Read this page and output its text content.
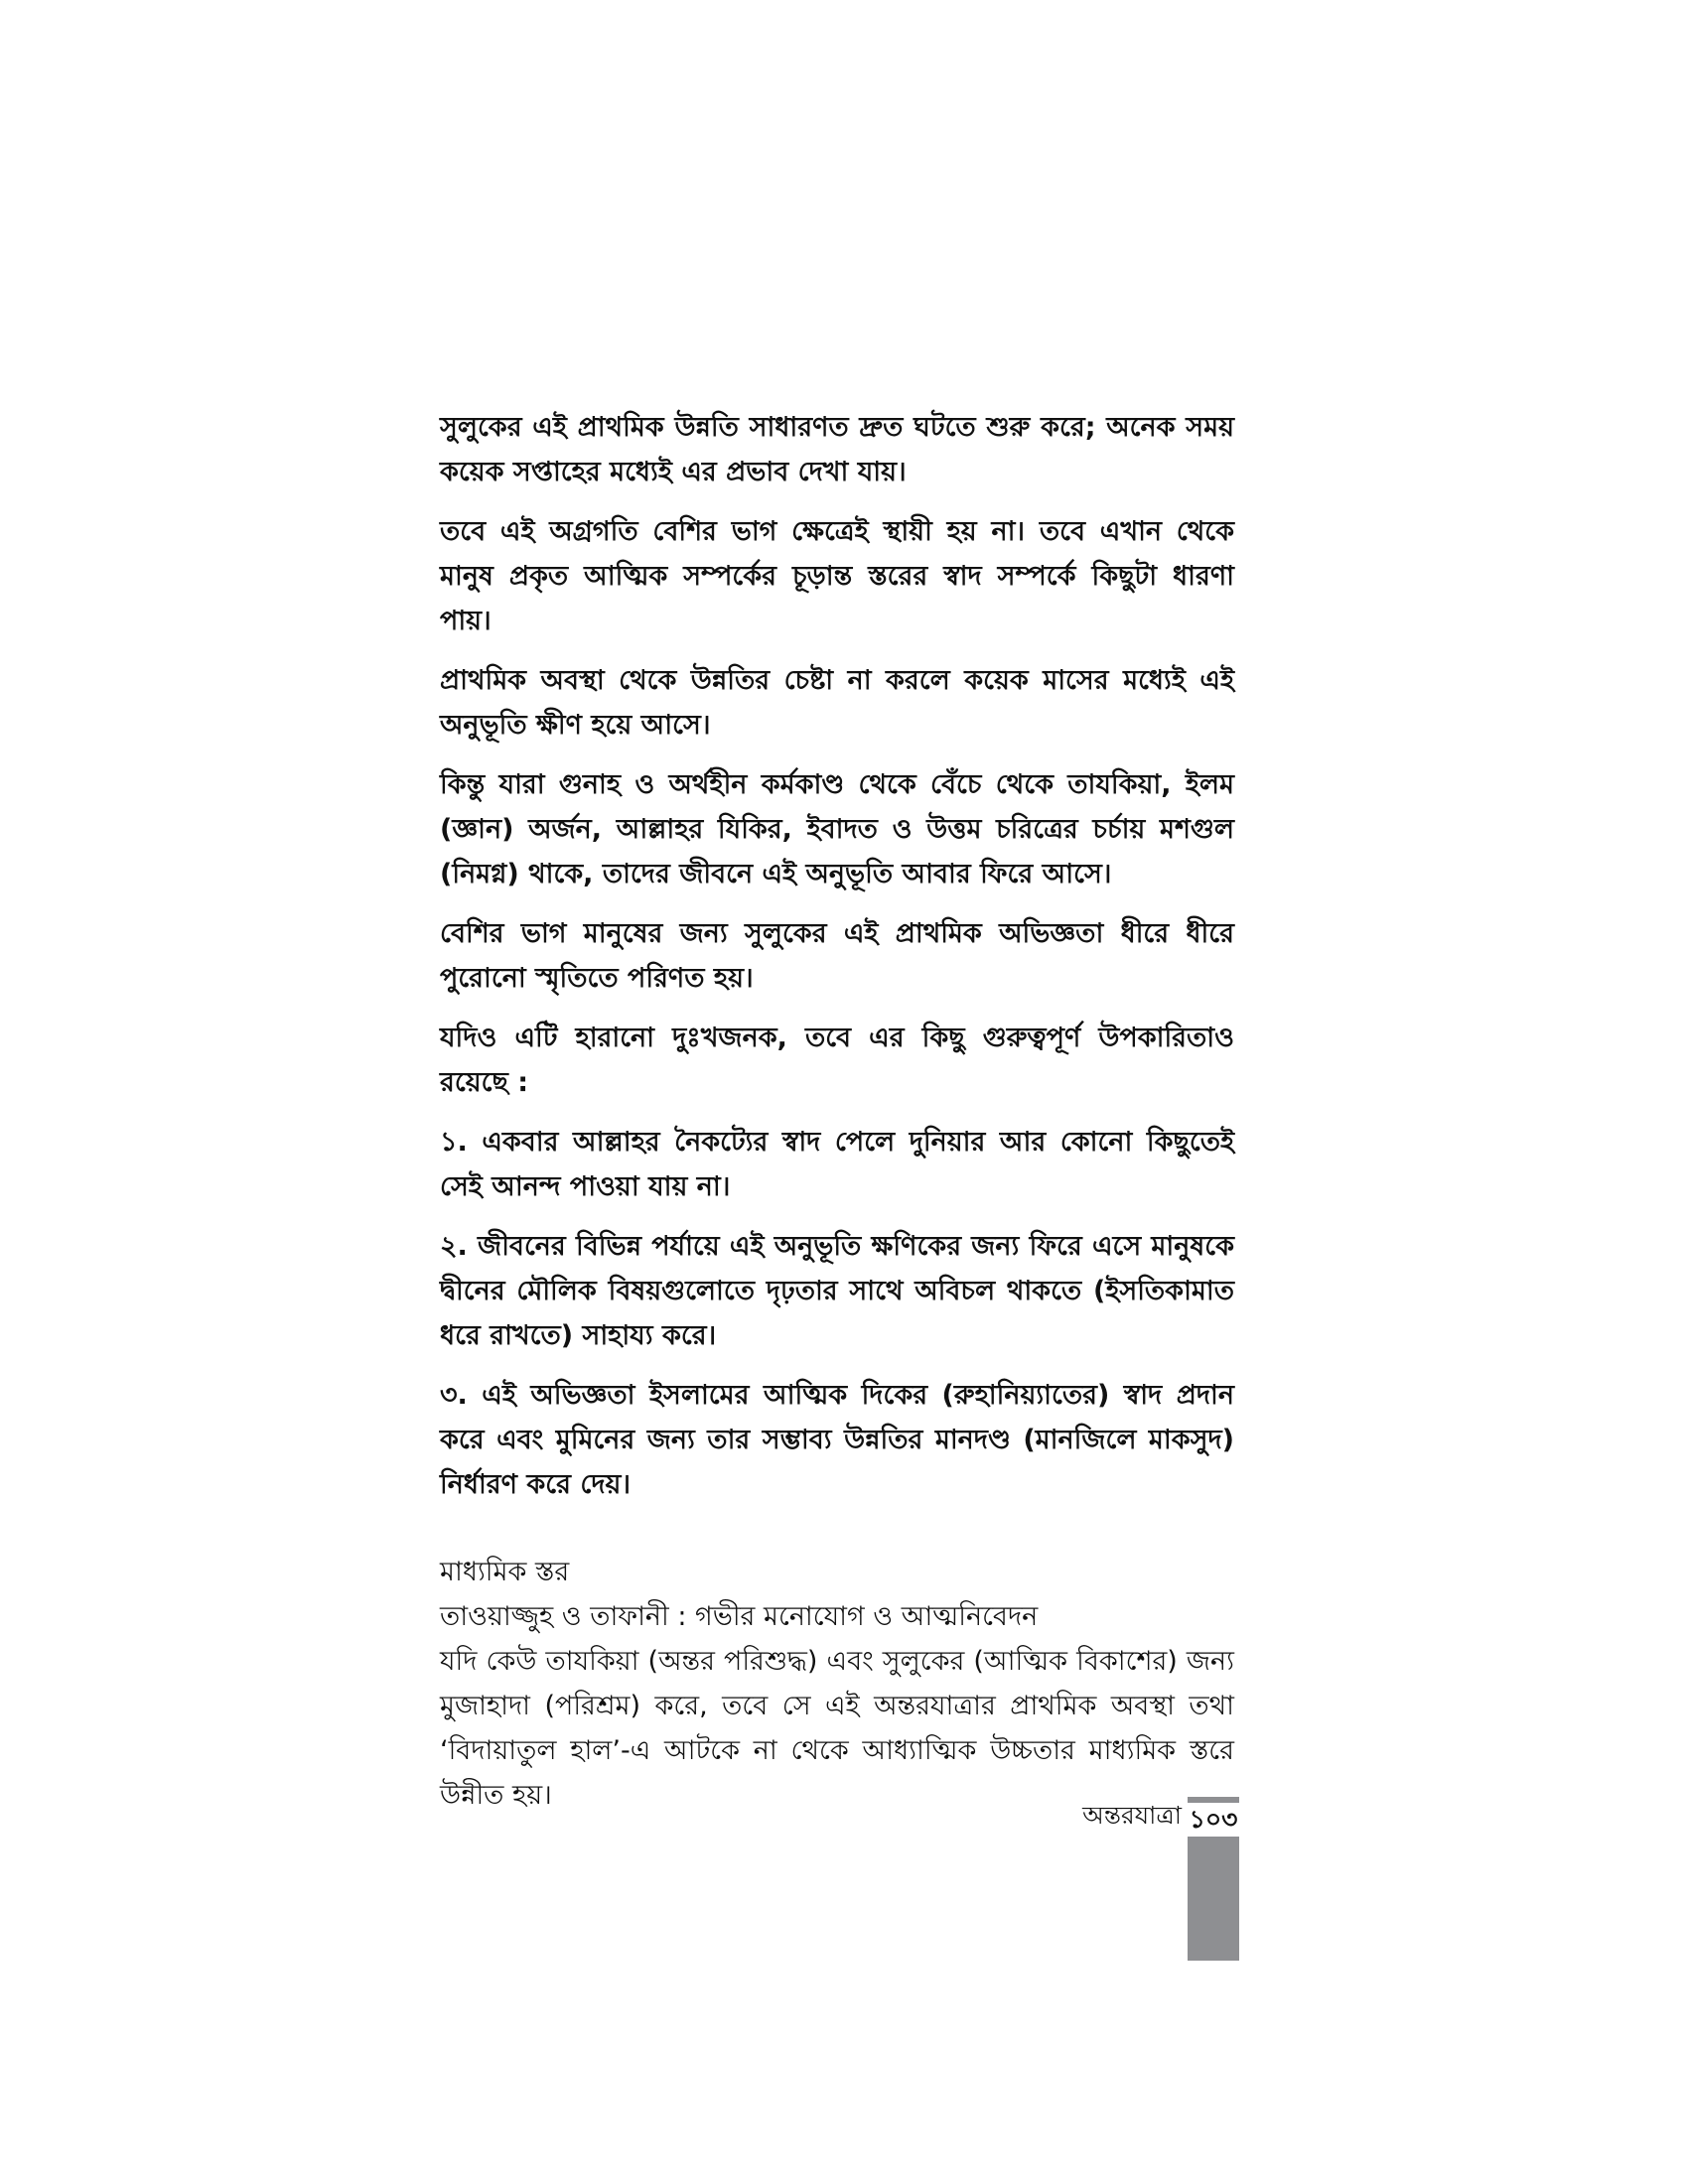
সুলুকের এই প্রাথমিক উন্নতি সাধারণত দ্রুত ঘটতে শুরু করে; অনেক সময় কয়েক সপ্তাহের মধ্যেই এর প্রভাব দেখা যায়।

তবে এই অগ্রগতি বেশির ভাগ ক্ষেত্রেই স্থায়ী হয় না। তবে এখান থেকে মানুষ প্রকৃত আত্মিক সম্পর্কের চূড়ান্ত স্তরের স্বাদ সম্পর্কে কিছুটা ধারণা পায়।

প্রাথমিক অবস্থা থেকে উন্নতির চেষ্টা না করলে কয়েক মাসের মধ্যেই এই অনুভূতি ক্ষীণ হয়ে আসে।

কিন্তু যারা গুনাহ ও অর্থহীন কর্মকাণ্ড থেকে বেঁচে থেকে তাযকিয়া, ইলম (জ্ঞান) অর্জন, আল্লাহর যিকির, ইবাদত ও উত্তম চরিত্রের চর্চায় মশগুল (নিমগ্ন) থাকে, তাদের জীবনে এই অনুভূতি আবার ফিরে আসে।

বেশির ভাগ মানুষের জন্য সুলুকের এই প্রাথমিক অভিজ্ঞতা ধীরে ধীরে পুরোনো স্মৃতিতে পরিণত হয়।

যদিও এটি হারানো দুঃখজনক, তবে এর কিছু গুরুত্বপূর্ণ উপকারিতাও রয়েছে :

১. একবার আল্লাহর নৈকট্যের স্বাদ পেলে দুনিয়ার আর কোনো কিছুতেই সেই আনন্দ পাওয়া যায় না।

২. জীবনের বিভিন্ন পর্যায়ে এই অনুভূতি ক্ষণিকের জন্য ফিরে এসে মানুষকে দ্বীনের মৌলিক বিষয়গুলোতে দৃঢ়তার সাথে অবিচল থাকতে (ইসতিকামাত ধরে রাখতে) সাহায্য করে।

৩. এই অভিজ্ঞতা ইসলামের আত্মিক দিকের (রুহানিয়্যাতের) স্বাদ প্রদান করে এবং মুমিনের জন্য তার সম্ভাব্য উন্নতির মানদণ্ড (মানজিলে মাকসুদ) নির্ধারণ করে দেয়।

মাধ্যমিক স্তর

তাওয়াজ্জুহ ও তাফানী : গভীর মনোযোগ ও আত্মনিবেদন

যদি কেউ তাযকিয়া (অন্তর পরিশুদ্ধ) এবং সুলুকের (আত্মিক বিকাশের) জন্য মুজাহাদা (পরিশ্রম) করে, তবে সে এই অন্তরযাত্রার প্রাথমিক অবস্থা তথা ‘বিদায়াতুল হাল’-এ আটকে না থেকে আধ্যাত্মিক উচ্চতার মাধ্যমিক স্তরে উন্নীত হয়।

অন্তরযাত্রা ১০৩
